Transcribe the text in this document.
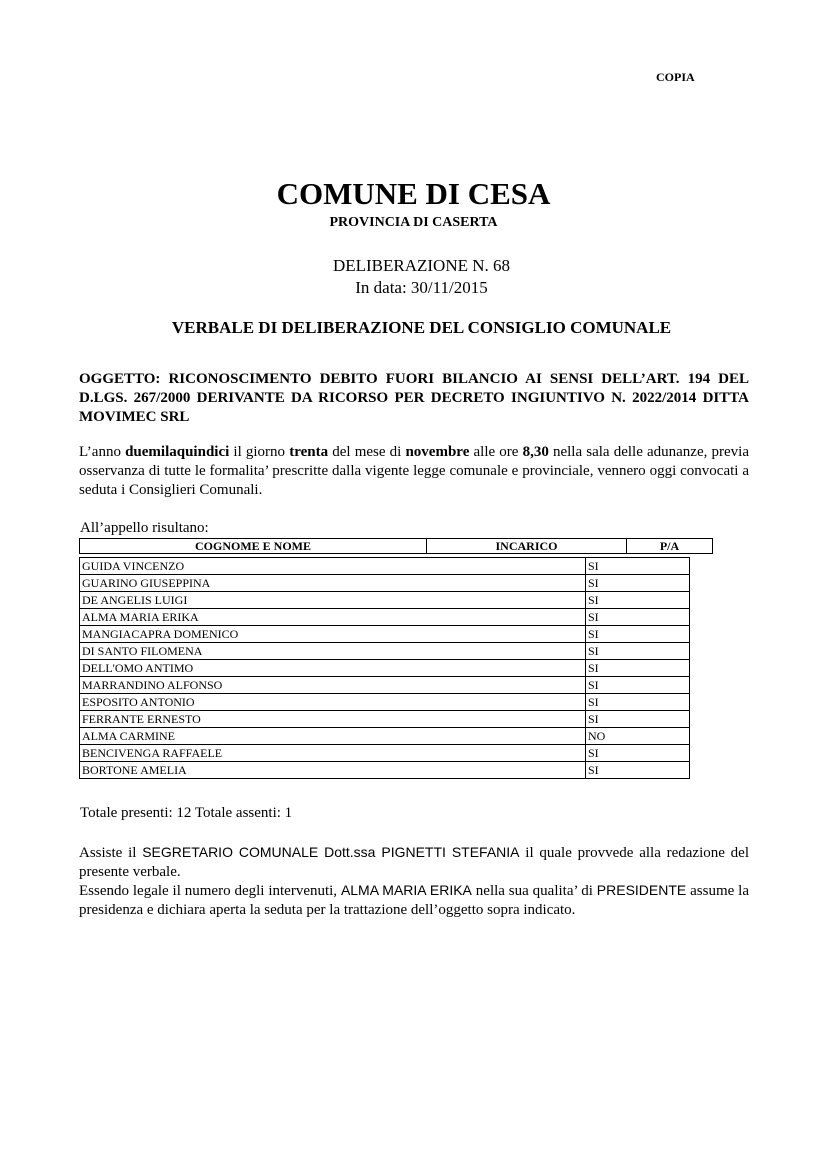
COPIA
COMUNE DI CESA
PROVINCIA DI CASERTA
DELIBERAZIONE N. 68
In data: 30/11/2015
VERBALE DI DELIBERAZIONE DEL CONSIGLIO COMUNALE
OGGETTO: RICONOSCIMENTO DEBITO FUORI BILANCIO AI SENSI DELL’ART. 194 DEL D.LGS. 267/2000 DERIVANTE DA RICORSO PER DECRETO INGIUNTIVO N. 2022/2014 DITTA MOVIMEC SRL
L’anno duemilaquindici il giorno trenta del mese di novembre alle ore 8,30 nella sala delle adunanze, previa osservanza di tutte le formalita’ prescritte dalla vigente legge comunale e provinciale, vennero oggi convocati a seduta i Consiglieri Comunali.
All’appello risultano:
COGNOME E NOME	INCARICO	P/A
GUIDA VINCENZO	SI
GUARINO GIUSEPPINA	SI
DE ANGELIS LUIGI	SI
ALMA MARIA ERIKA	SI
MANGIACAPRA DOMENICO	SI
DI SANTO FILOMENA	SI
DELL'OMO ANTIMO	SI
MARRANDINO ALFONSO	SI
ESPOSITO ANTONIO	SI
FERRANTE ERNESTO	SI
ALMA CARMINE	NO
BENCIVENGA RAFFAELE	SI
BORTONE AMELIA	SI
Totale presenti: 12 Totale assenti: 1
Assiste il SEGRETARIO COMUNALE Dott.ssa PIGNETTI STEFANIA il quale provvede alla redazione del presente verbale.
Essendo legale il numero degli intervenuti, ALMA MARIA ERIKA nella sua qualita’ di PRESIDENTE assume la presidenza e dichiara aperta la seduta per la trattazione dell’oggetto sopra indicato.
